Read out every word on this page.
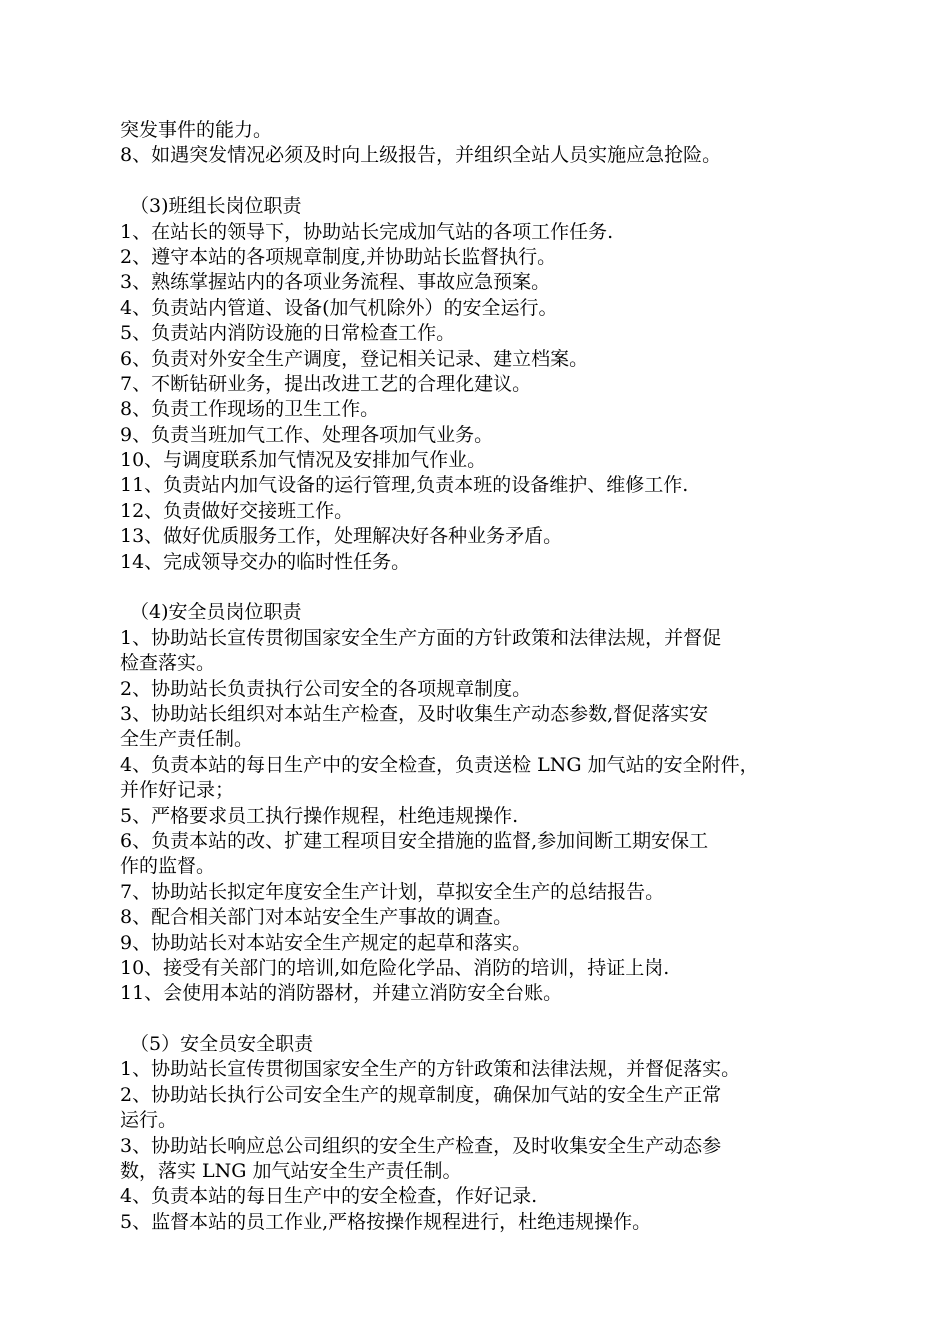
突发事件的能力。
8、如遇突发情况必须及时向上级报告，并组织全站人员实施应急抢险。
（3)班组长岗位职责
1、在站长的领导下，协助站长完成加气站的各项工作任务.
2、遵守本站的各项规章制度,并协助站长监督执行。
3、熟练掌握站内的各项业务流程、事故应急预案。
4、负责站内管道、设备(加气机除外）的安全运行。
5、负责站内消防设施的日常检查工作。
6、负责对外安全生产调度，登记相关记录、建立档案。
7、不断钻研业务，提出改进工艺的合理化建议。
8、负责工作现场的卫生工作。
9、负责当班加气工作、处理各项加气业务。
10、与调度联系加气情况及安排加气作业。
11、负责站内加气设备的运行管理,负责本班的设备维护、维修工作.
12、负责做好交接班工作。
13、做好优质服务工作，处理解决好各种业务矛盾。
14、完成领导交办的临时性任务。
（4)安全员岗位职责
1、协助站长宣传贯彻国家安全生产方面的方针政策和法律法规，并督促
检查落实。
2、协助站长负责执行公司安全的各项规章制度。
3、协助站长组织对本站生产检查，及时收集生产动态参数,督促落实安
全生产责任制。
4、负责本站的每日生产中的安全检查，负责送检 LNG 加气站的安全附件，
并作好记录；
5、严格要求员工执行操作规程，杜绝违规操作.
6、负责本站的改、扩建工程项目安全措施的监督,参加间断工期安保工
作的监督。
7、协助站长拟定年度安全生产计划，草拟安全生产的总结报告。
8、配合相关部门对本站安全生产事故的调查。
9、协助站长对本站安全生产规定的起草和落实。
10、接受有关部门的培训,如危险化学品、消防的培训，持证上岗.
11、会使用本站的消防器材，并建立消防安全台账。
（5）安全员安全职责
1、协助站长宣传贯彻国家安全生产的方针政策和法律法规，并督促落实。
2、协助站长执行公司安全生产的规章制度，确保加气站的安全生产正常
运行。
3、协助站长响应总公司组织的安全生产检查，及时收集安全生产动态参
数，落实 LNG 加气站安全生产责任制。
4、负责本站的每日生产中的安全检查，作好记录.
5、监督本站的员工作业,严格按操作规程进行，杜绝违规操作。
